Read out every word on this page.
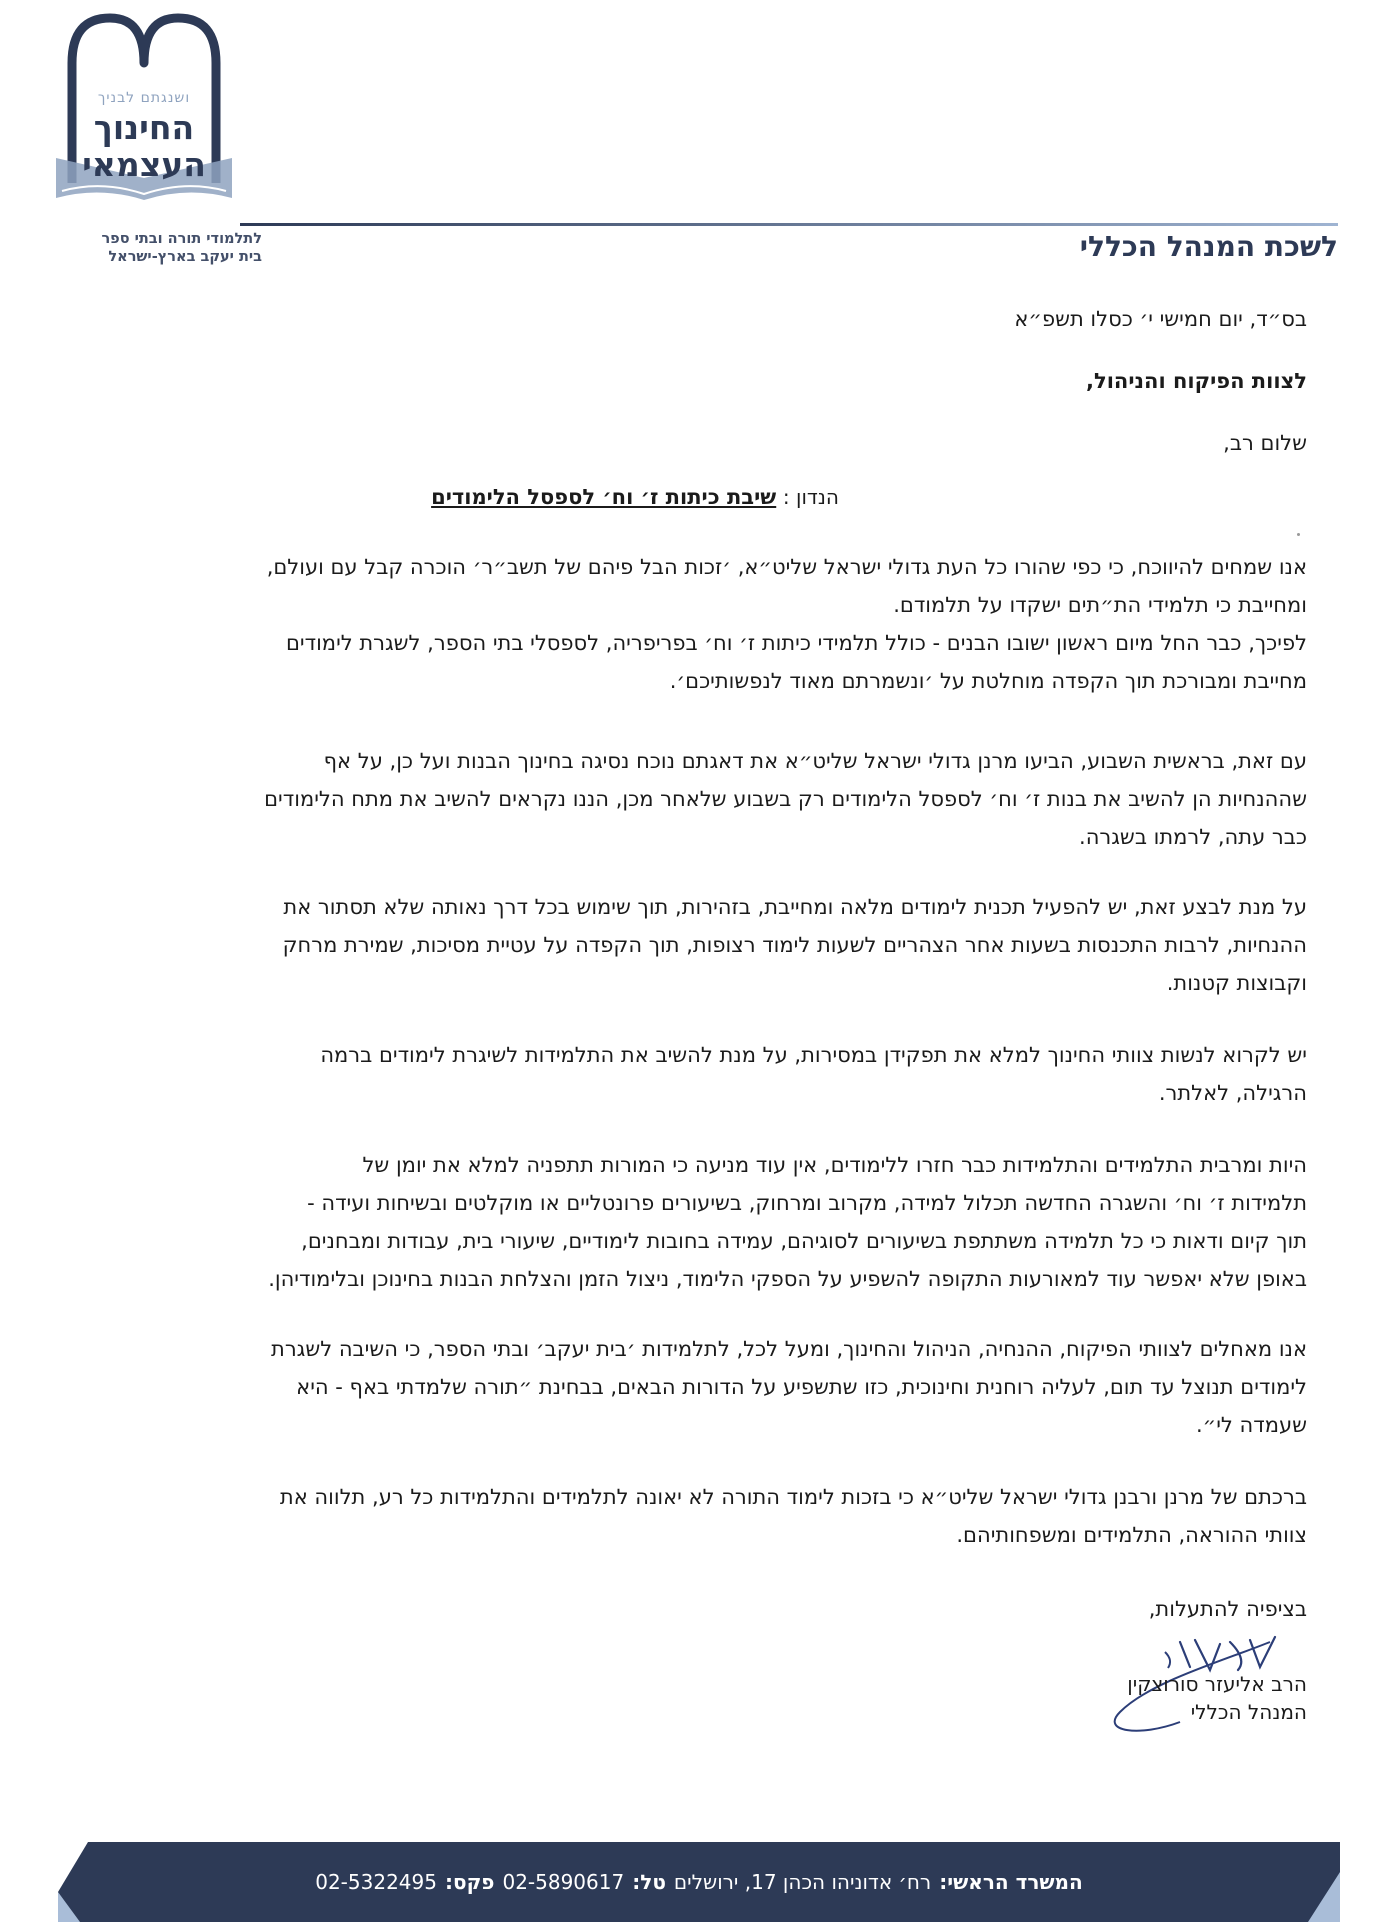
ושנגתם לבניך
החינוך
העצמאי
לתלמודי תורה ובתי ספר
בית יעקב בארץ-ישראל	לשכת המנהל הכללי
בס״ד, יום חמישי י׳ כסלו תשפ״א
לצוות הפיקוח והניהול,
שלום רב,
הנדון : שיבת כיתות ז׳ וח׳ לספסל הלימודים
אנו שמחים להיווכח, כי כפי שהורו כל העת גדולי ישראל שליט״א, ׳זכות הבל פיהם של תשב״ר׳ הוכרה קבל עם ועולם,
ומחייבת כי תלמידי הת״תים ישקדו על תלמודם.
לפיכך, כבר החל מיום ראשון ישובו הבנים - כולל תלמידי כיתות ז׳ וח׳ בפריפריה, לספסלי בתי הספר, לשגרת לימודים
מחייבת ומבורכת תוך הקפדה מוחלטת על ׳ונשמרתם מאוד לנפשותיכם׳.
עם זאת, בראשית השבוע, הביעו מרנן גדולי ישראל שליט״א את דאגתם נוכח נסיגה בחינוך הבנות ועל כן, על אף
שההנחיות הן להשיב את בנות ז׳ וח׳ לספסל הלימודים רק בשבוע שלאחר מכן, הננו נקראים להשיב את מתח הלימודים
כבר עתה, לרמתו בשגרה.
על מנת לבצע זאת, יש להפעיל תכנית לימודים מלאה ומחייבת, בזהירות, תוך שימוש בכל דרך נאותה שלא תסתור את
ההנחיות, לרבות התכנסות בשעות אחר הצהריים לשעות לימוד רצופות, תוך הקפדה על עטיית מסיכות, שמירת מרחק
וקבוצות קטנות.
יש לקרוא לנשות צוותי החינוך למלא את תפקידן במסירות, על מנת להשיב את התלמידות לשיגרת לימודים ברמה
הרגילה, לאלתר.
היות ומרבית התלמידים והתלמידות כבר חזרו ללימודים, אין עוד מניעה כי המורות תתפניה למלא את יומן של
תלמידות ז׳ וח׳ והשגרה החדשה תכלול למידה, מקרוב ומרחוק, בשיעורים פרונטליים או מוקלטים ובשיחות ועידה -
תוך קיום ודאות כי כל תלמידה משתתפת בשיעורים לסוגיהם, עמידה בחובות לימודיים, שיעורי בית, עבודות ומבחנים,
באופן שלא יאפשר עוד למאורעות התקופה להשפיע על הספקי הלימוד, ניצול הזמן והצלחת הבנות בחינוכן ובלימודיהן.
אנו מאחלים לצוותי הפיקוח, ההנחיה, הניהול והחינוך, ומעל לכל, לתלמידות ׳בית יעקב׳ ובתי הספר, כי השיבה לשגרת
לימודים תנוצל עד תום, לעליה רוחנית וחינוכית, כזו שתשפיע על הדורות הבאים, בבחינת ״תורה שלמדתי באף - היא
שעמדה לי״.
ברכתם של מרנן ורבנן גדולי ישראל שליט״א כי בזכות לימוד התורה לא יאונה לתלמידים והתלמידות כל רע, תלווה את
צוותי ההוראה, התלמידים ומשפחותיהם.
בציפיה להתעלות,
הרב אליעזר סורוצקין
המנהל הכללי
המשרד הראשי:
רח׳ אדוניהו הכהן 17, ירושלים
טל:
02-5890617
פקס:
02-5322495
